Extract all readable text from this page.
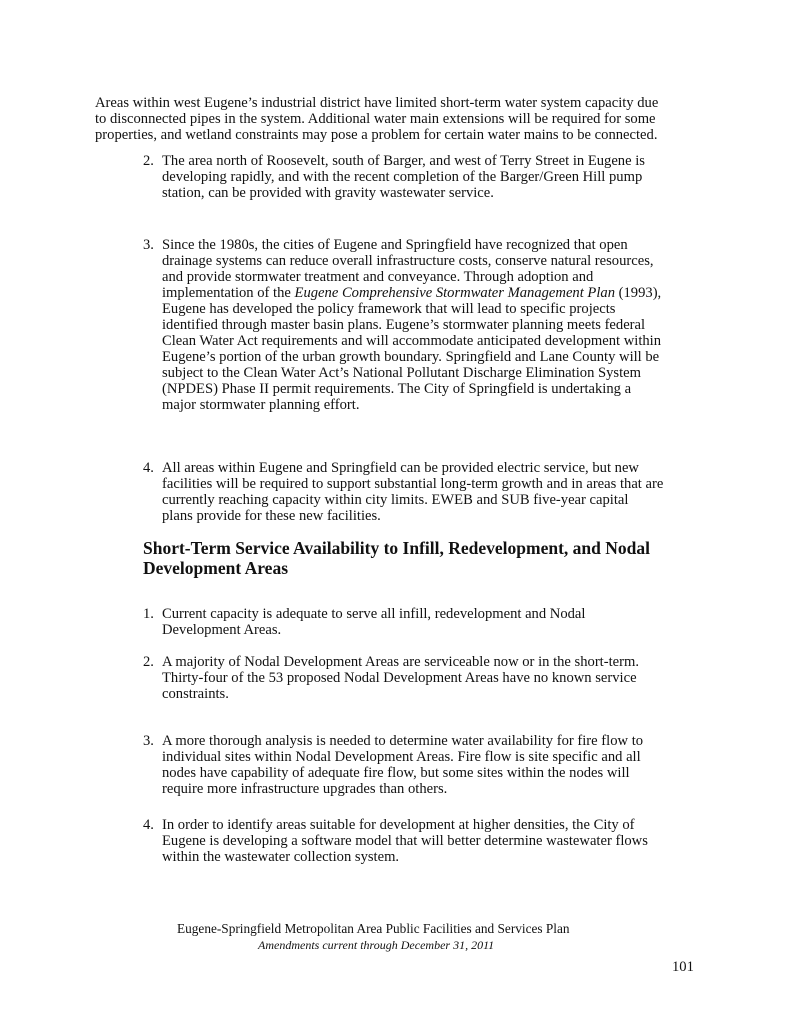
Areas within west Eugene’s industrial district have limited short-term water system capacity due
to disconnected pipes in the system. Additional water main extensions will be required for some
properties, and wetland constraints may pose a problem for certain water mains to be connected.
2. The area north of Roosevelt, south of Barger, and west of Terry Street in Eugene is
developing rapidly, and with the recent completion of the Barger/Green Hill pump
station, can be provided with gravity wastewater service.
3. Since the 1980s, the cities of Eugene and Springfield have recognized that open
drainage systems can reduce overall infrastructure costs, conserve natural resources,
and provide stormwater treatment and conveyance. Through adoption and
implementation of the Eugene Comprehensive Stormwater Management Plan (1993),
Eugene has developed the policy framework that will lead to specific projects
identified through master basin plans. Eugene’s stormwater planning meets federal
Clean Water Act requirements and will accommodate anticipated development within
Eugene’s portion of the urban growth boundary. Springfield and Lane County will be
subject to the Clean Water Act’s National Pollutant Discharge Elimination System
(NPDES) Phase II permit requirements. The City of Springfield is undertaking a
major stormwater planning effort.
4. All areas within Eugene and Springfield can be provided electric service, but new
facilities will be required to support substantial long-term growth and in areas that are
currently reaching capacity within city limits. EWEB and SUB five-year capital
plans provide for these new facilities.
Short-Term Service Availability to Infill, Redevelopment, and Nodal
Development Areas
1. Current capacity is adequate to serve all infill, redevelopment and Nodal
Development Areas.
2. A majority of Nodal Development Areas are serviceable now or in the short-term.
Thirty-four of the 53 proposed Nodal Development Areas have no known service
constraints.
3. A more thorough analysis is needed to determine water availability for fire flow to
individual sites within Nodal Development Areas. Fire flow is site specific and all
nodes have capability of adequate fire flow, but some sites within the nodes will
require more infrastructure upgrades than others.
4. In order to identify areas suitable for development at higher densities, the City of
Eugene is developing a software model that will better determine wastewater flows
within the wastewater collection system.
Eugene-Springfield Metropolitan Area Public Facilities and Services Plan
Amendments current through December 31, 2011
101
